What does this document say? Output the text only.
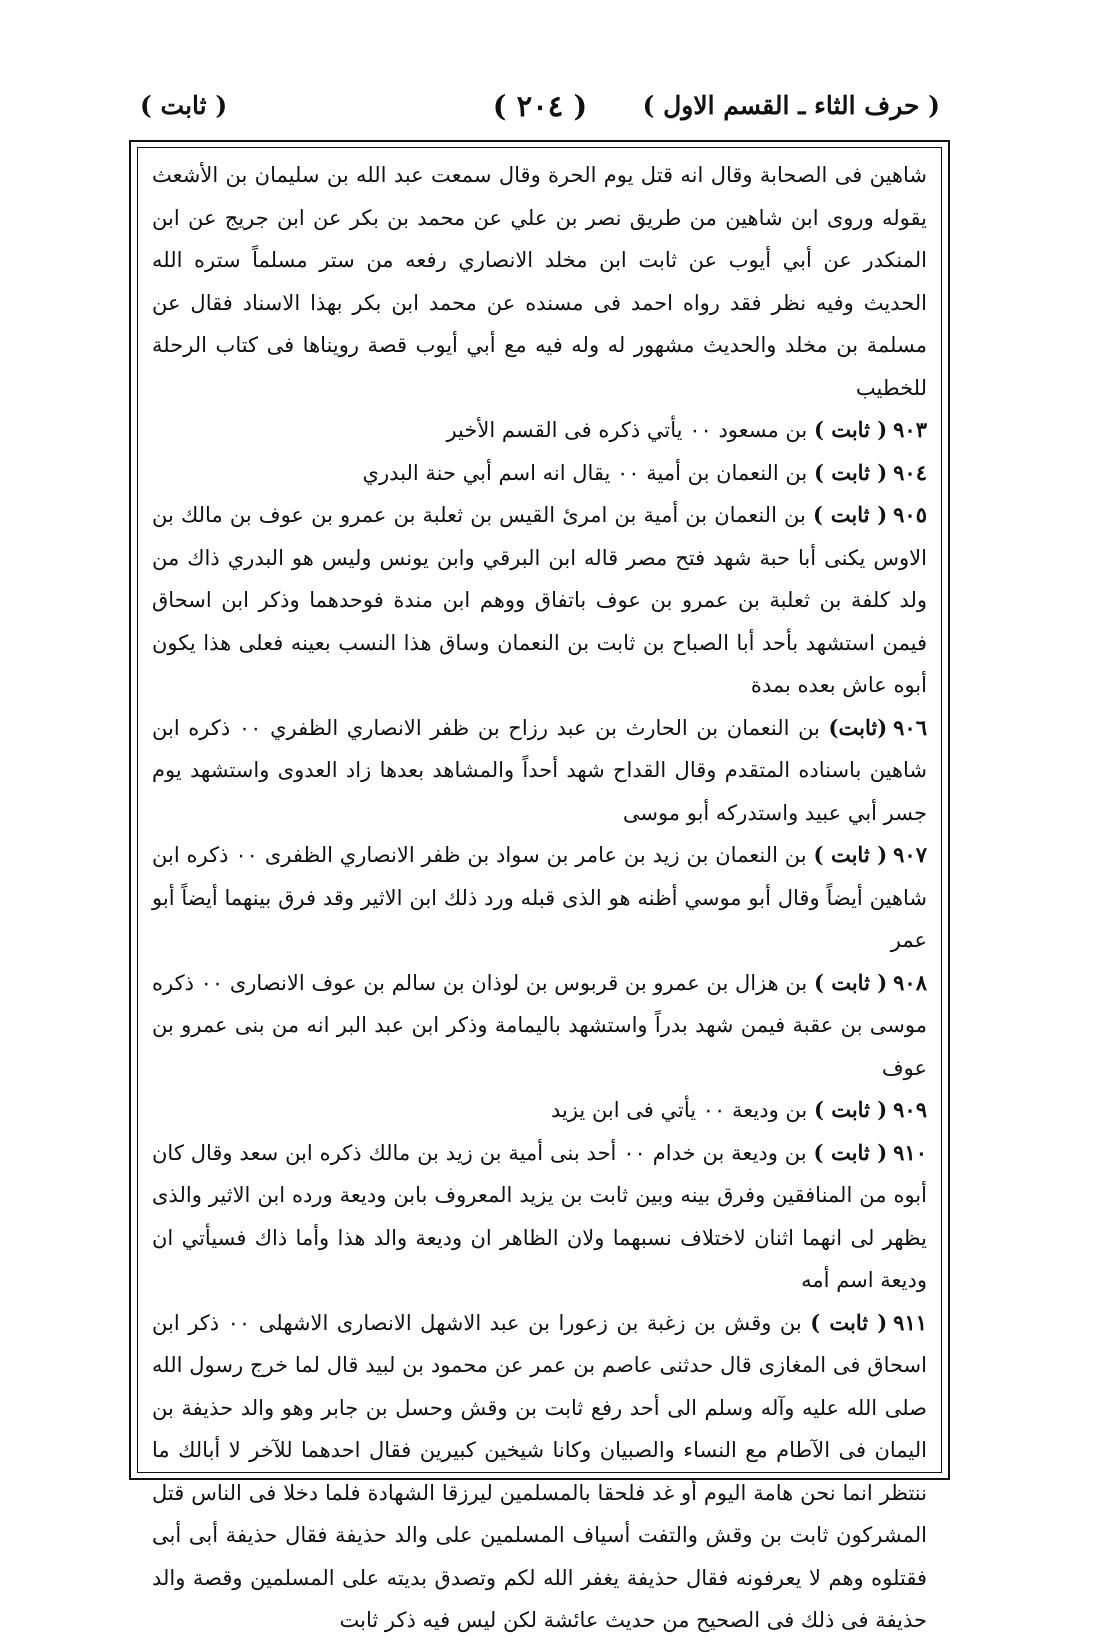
( حرف الثاء ـ القسم الاول )
( ٢٠٤ )
( ثابت )

شاهين فى الصحابة وقال انه قتل يوم الحرة وقال سمعت عبد الله بن سليمان بن الأشعث يقوله وروى ابن شاهين من طريق نصر بن علي عن محمد بن بكر عن ابن جريج عن ابن المنكدر عن أبي أيوب عن ثابت ابن مخلد الانصاري رفعه من ستر مسلماً ستره الله الحديث وفيه نظر فقد رواه احمد فى مسنده عن محمد ابن بكر بهذا الاسناد فقال عن مسلمة بن مخلد والحديث مشهور له وله فيه مع أبي أيوب قصة رويناها فى كتاب الرحلة للخطيب

٩٠٣( ثابت ) بن مسعود ٠٠ يأتي ذكره فى القسم الأخير

٩٠٤( ثابت ) بن النعمان بن أمية ٠٠ يقال انه اسم أبي حنة البدري

٩٠٥( ثابت ) بن النعمان بن أمية بن امرئ القيس بن ثعلبة بن عمرو بن عوف بن مالك بن الاوس يكنى أبا حبة شهد فتح مصر قاله ابن البرقي وابن يونس وليس هو البدري ذاك من ولد كلفة بن ثعلبة بن عمرو بن عوف باتفاق ووهم ابن مندة فوحدهما وذكر ابن اسحاق فيمن استشهد بأحد أبا الصباح بن ثابت بن النعمان وساق هذا النسب بعينه فعلى هذا يكون أبوه عاش بعده بمدة

٩٠٦(ثابت) بن النعمان بن الحارث بن عبد رزاح بن ظفر الانصاري الظفري ٠٠ ذكره ابن شاهين باسناده المتقدم وقال القداح شهد أحداً والمشاهد بعدها زاد العدوى واستشهد يوم جسر أبي عبيد واستدركه أبو موسى

٩٠٧( ثابت ) بن النعمان بن زيد بن عامر بن سواد بن ظفر الانصاري الظفرى ٠٠ ذكره ابن شاهين أيضاً وقال أبو موسي أظنه هو الذى قبله ورد ذلك ابن الاثير وقد فرق بينهما أيضاً أبو عمر

٩٠٨( ثابت ) بن هزال بن عمرو بن قربوس بن لوذان بن سالم بن عوف الانصارى ٠٠ ذكره موسى بن عقبة فيمن شهد بدراً واستشهد باليمامة وذكر ابن عبد البر انه من بنى عمرو بن عوف

٩٠٩( ثابت ) بن وديعة ٠٠ يأتي فى ابن يزيد

٩١٠( ثابت ) بن وديعة بن خدام ٠٠ أحد بنى أمية بن زيد بن مالك ذكره ابن سعد وقال كان أبوه من المنافقين وفرق بينه وبين ثابت بن يزيد المعروف بابن وديعة ورده ابن الاثير والذى يظهر لى انهما اثنان لاختلاف نسبهما ولان الظاهر ان وديعة والد هذا وأما ذاك فسيأتي ان وديعة اسم أمه

٩١١( ثابت ) بن وقش بن زغبة بن زعورا بن عبد الاشهل الانصارى الاشهلى ٠٠ ذكر ابن اسحاق فى المغازى قال حدثنى عاصم بن عمر عن محمود بن لبيد قال لما خرج رسول الله صلى الله عليه وآله وسلم الى أحد رفع ثابت بن وقش وحسل بن جابر وهو والد حذيفة بن اليمان فى الآطام مع النساء والصبيان وكانا شيخين كبيرين فقال احدهما للآخر لا أبالك ما ننتظر انما نحن هامة اليوم أو غد فلحقا بالمسلمين ليرزقا الشهادة فلما دخلا فى الناس قتل المشركون ثابت بن وقش والتفت أسياف المسلمين على والد حذيفة فقال حذيفة أبى أبى فقتلوه وهم لا يعرفونه فقال حذيفة يغفر الله لكم وتصدق بديته على المسلمين وقصة والد حذيفة فى ذلك فى الصحيح من حديث عائشة لكن ليس فيه ذكر ثابت
